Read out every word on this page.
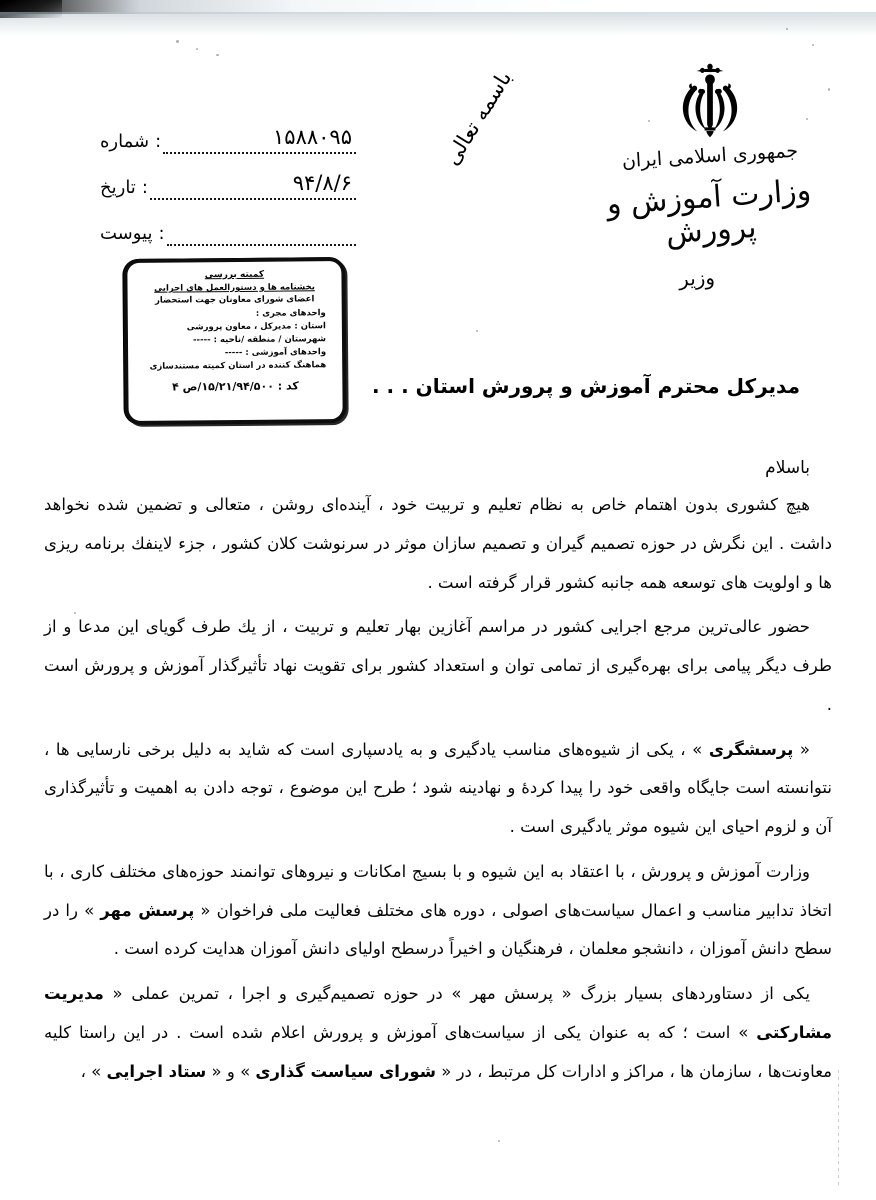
باسمه تعالی	جمهوری اسلامی ایران
وزارت آموزش و پرورش
وزیر
شماره :	۱۵۸۸۰۹۵
تاریخ :	۹۴/۸/۶
پیوست :
کمیته بررسی
بخشنامه ها و دستورالعمل های اجرایی
اعضای شورای معاونان جهت استحضار
واحدهای مجری :
استان : مدیرکل ، معاون پرورشی
شهرستان / منطقه /ناحیه : -----
واحدهای آموزشی : -----
هماهنگ کننده در استان کمیته مستندسازی
کد : ۱۵/۲۱/۹۴/۵۰۰/ص ۴	مدیرکل محترم آموزش و پرورش استان . . .
باسلام

هیچ کشوری بدون اهتمام خاص به نظام تعلیم و تربیت خود ، آینده‌ای روشن ، متعالی و تضمین شده نخواهد داشت . این نگرش در حوزه تصمیم گیران و تصمیم سازان موثر در سرنوشت کلان کشور ، جزء لاینفك برنامه ریزی ها و اولویت های توسعه همه جانبه کشور قرار گرفته است .

حضور عالی‌ترین مرجع اجرایی کشور در مراسم آغازین بهار تعلیم و تربیت ، از یك طرف گویای این مدعا و از طرف دیگر پیامی برای بهره‌گیری از تمامی توان و استعداد کشور برای تقویت نهاد تأثیرگذار آموزش و پرورش است .

« پرسشگری » ، یکی از شیوه‌های مناسب یادگیری و به یادسپاری است که شاید به دلیل برخی نارسایی ها ، نتوانسته است جایگاه واقعی خود را پیدا کردهٔ و نهادینه شود ؛ طرح این موضوع ، توجه دادن به اهمیت و تأثیرگذاری آن و لزوم احیای این شیوه موثر یادگیری است .

وزارت آموزش و پرورش ، با اعتقاد به این شیوه و با بسیج امکانات و نیروهای توانمند حوزه‌های مختلف کاری ، با اتخاذ تدابیر مناسب و اعمال سیاست‌های اصولی ، دوره های مختلف فعالیت ملی فراخوان « پرسش مهر » را در سطح دانش آموزان ، دانشجو معلمان ، فرهنگیان و اخیراً درسطح اولیای دانش آموزان هدایت کرده است .

یکی از دستاوردهای بسیار بزرگ « پرسش مهر » در حوزه تصمیم‌گیری و اجرا ، تمرین عملی « مدیریت مشارکتی » است ؛ که به عنوان یکی از سیاست‌های آموزش و پرورش اعلام شده است . در این راستا کلیه معاونت‌ها ، سازمان ها ، مراکز و ادارات کل مرتبط ، در « شورای سیاست گذاری » و « ستاد اجرایی » ،
